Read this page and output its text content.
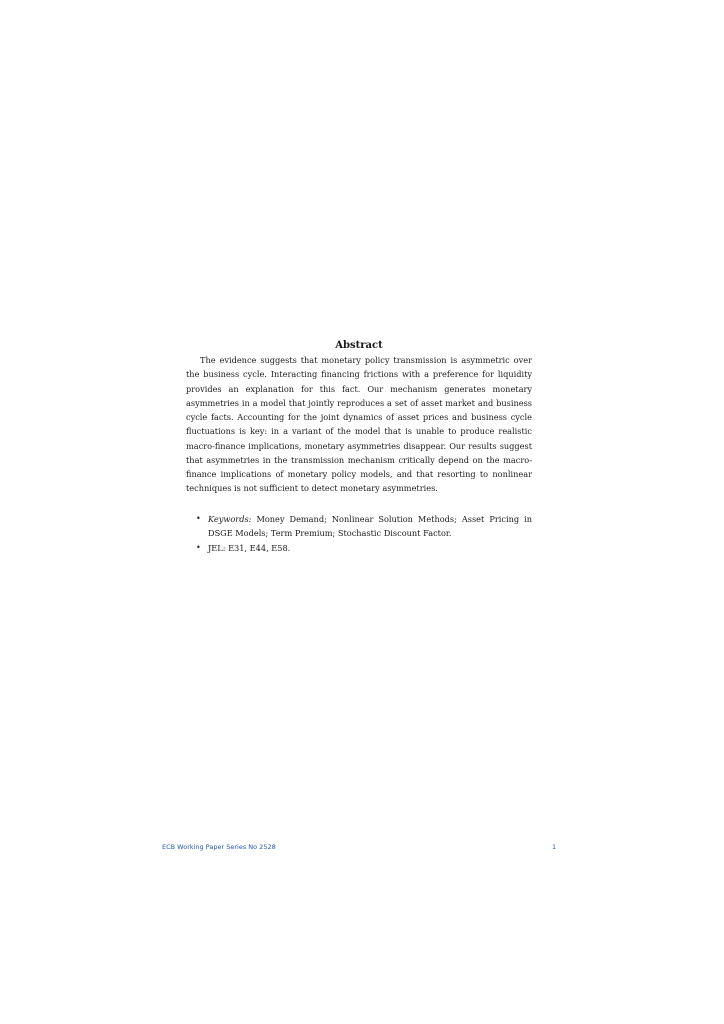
Abstract

The evidence suggests that monetary policy transmission is asymmetric over the business cycle. Interacting financing frictions with a preference for liquidity provides an explanation for this fact. Our mechanism generates monetary asymmetries in a model that jointly reproduces a set of asset market and business cycle facts. Accounting for the joint dynamics of asset prices and business cycle fluctuations is key: in a variant of the model that is unable to produce realistic macro-finance implications, monetary asymmetries disappear. Our results suggest that asymmetries in the transmission mechanism critically depend on the macro-finance implications of monetary policy models, and that resorting to nonlinear techniques is not sufficient to detect monetary asymmetries.

• Keywords: Money Demand; Nonlinear Solution Methods; Asset Pricing in DSGE Models; Term Premium; Stochastic Discount Factor.
• JEL: E31, E44, E58.
ECB Working Paper Series No 2528	1
